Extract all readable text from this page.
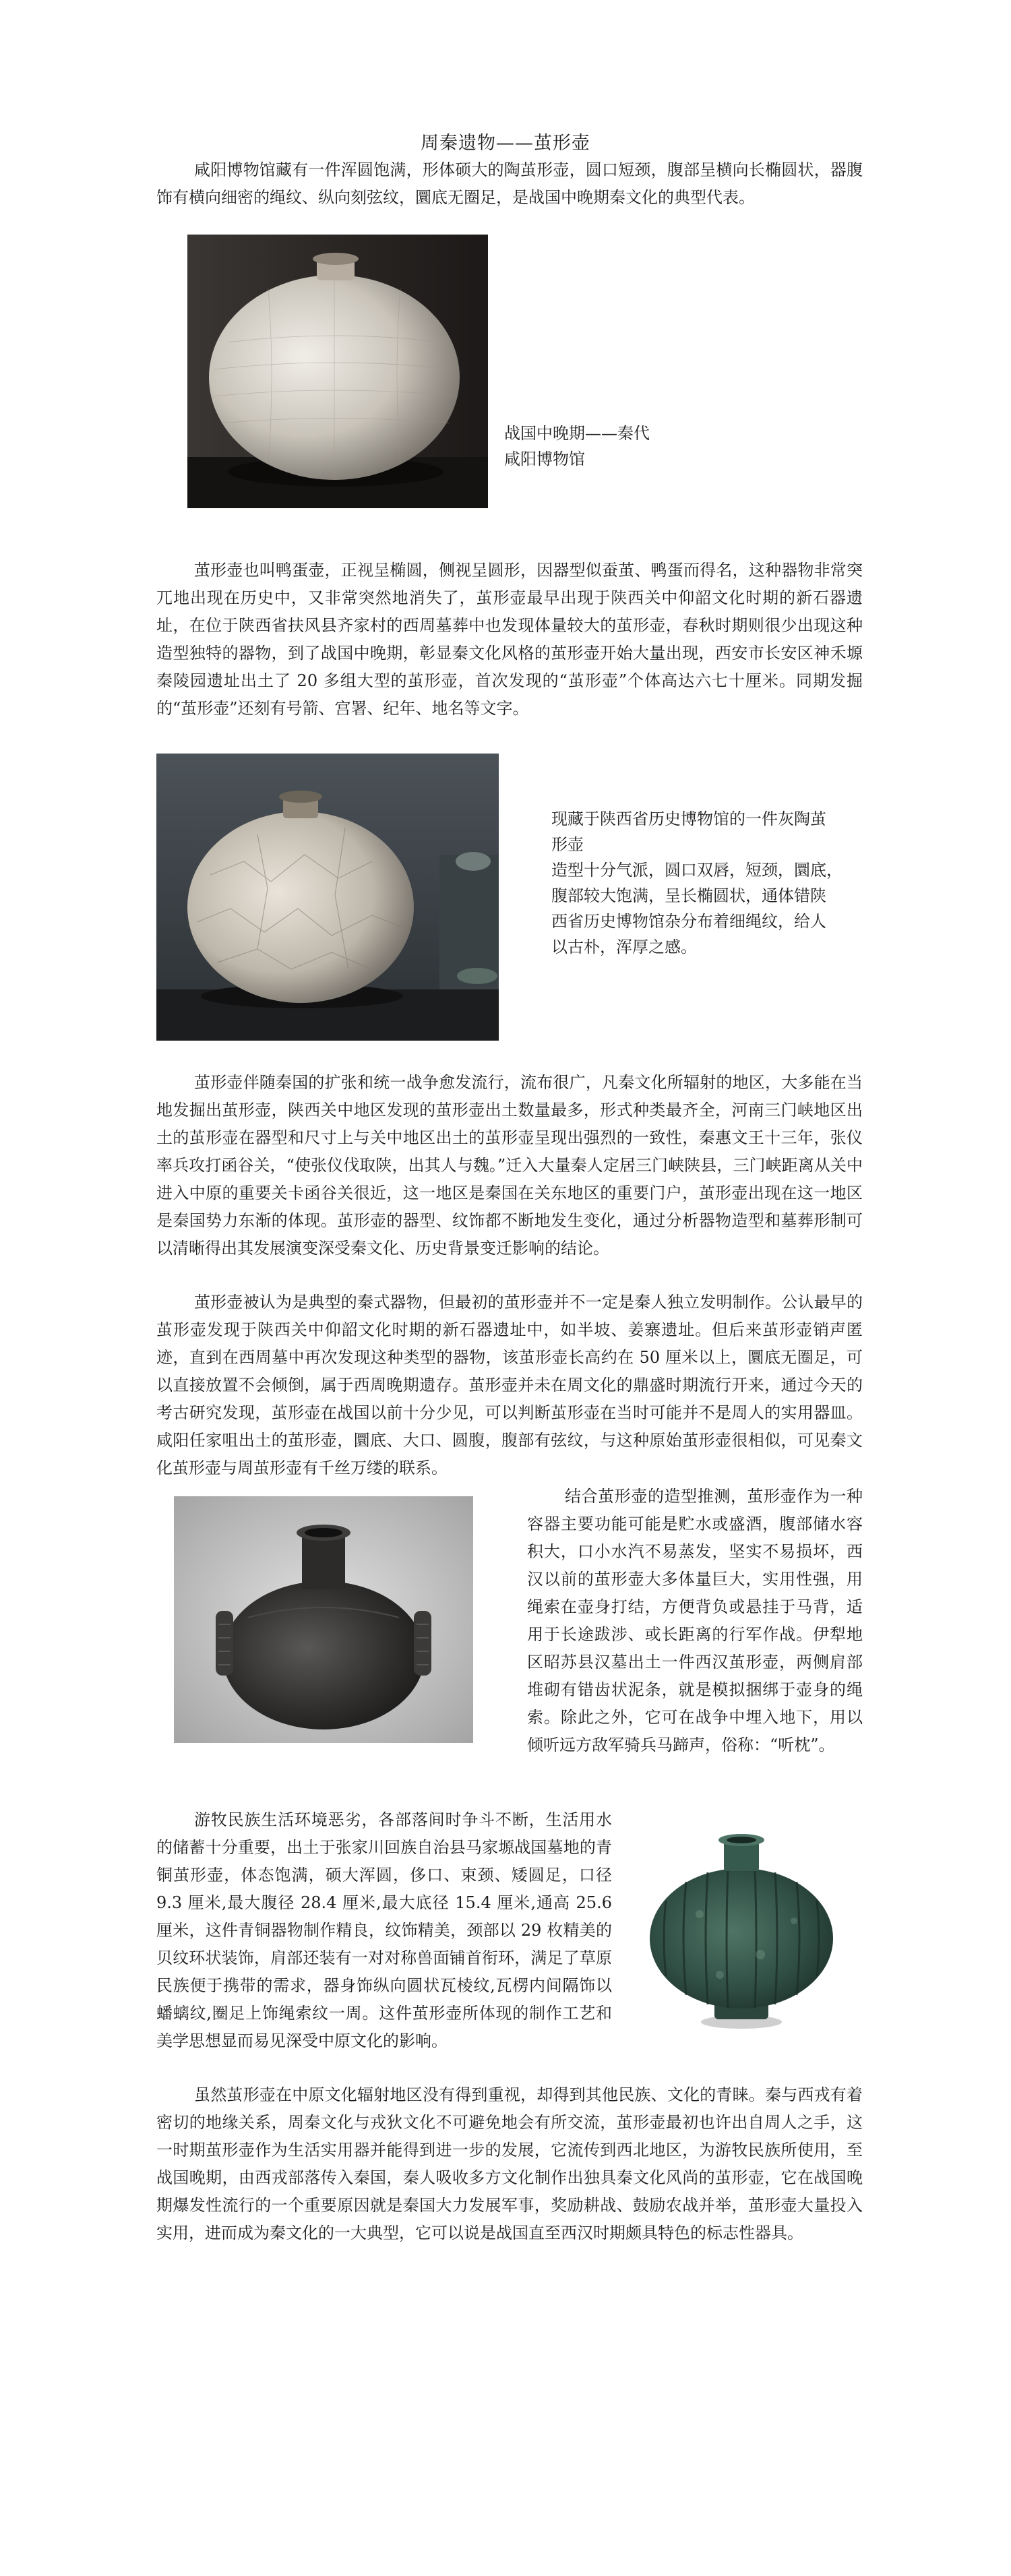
周秦遗物——茧形壶

咸阳博物馆藏有一件浑圆饱满，形体硕大的陶茧形壶，圆口短颈，腹部呈横向长椭圆状，器腹饰有横向细密的绳纹、纵向刻弦纹，圜底无圈足，是战国中晚期秦文化的典型代表。

战国中晚期——秦代
咸阳博物馆

茧形壶也叫鸭蛋壶，正视呈椭圆，侧视呈圆形，因器型似蚕茧、鸭蛋而得名，这种器物非常突兀地出现在历史中，又非常突然地消失了，茧形壶最早出现于陕西关中仰韶文化时期的新石器遗址，在位于陕西省扶风县齐家村的西周墓葬中也发现体量较大的茧形壶，春秋时期则很少出现这种造型独特的器物，到了战国中晚期，彰显秦文化风格的茧形壶开始大量出现，西安市长安区神禾塬秦陵园遗址出土了 20 多组大型的茧形壶，首次发现的“茧形壶”个体高达六七十厘米。同期发掘的“茧形壶”还刻有号箭、宫署、纪年、地名等文字。

现藏于陕西省历史博物馆的一件灰陶茧
形壶
造型十分气派，圆口双唇，短颈，圜底，
腹部较大饱满，呈长椭圆状，通体错陕
西省历史博物馆杂分布着细绳纹，给人
以古朴，浑厚之感。

茧形壶伴随秦国的扩张和统一战争愈发流行，流布很广，凡秦文化所辐射的地区，大多能在当地发掘出茧形壶，陕西关中地区发现的茧形壶出土数量最多，形式种类最齐全，河南三门峡地区出土的茧形壶在器型和尺寸上与关中地区出土的茧形壶呈现出强烈的一致性，秦惠文王十三年，张仪率兵攻打函谷关，“使张仪伐取陕，出其人与魏。”迁入大量秦人定居三门峡陕县，三门峡距离从关中进入中原的重要关卡函谷关很近，这一地区是秦国在关东地区的重要门户，茧形壶出现在这一地区是秦国势力东渐的体现。茧形壶的器型、纹饰都不断地发生变化，通过分析器物造型和墓葬形制可以清晰得出其发展演变深受秦文化、历史背景变迁影响的结论。

茧形壶被认为是典型的秦式器物，但最初的茧形壶并不一定是秦人独立发明制作。公认最早的茧形壶发现于陕西关中仰韶文化时期的新石器遗址中，如半坡、姜寨遗址。但后来茧形壶销声匿迹，直到在西周墓中再次发现这种类型的器物，该茧形壶长高约在 50 厘米以上，圜底无圈足，可以直接放置不会倾倒，属于西周晚期遗存。茧形壶并未在周文化的鼎盛时期流行开来，通过今天的考古研究发现，茧形壶在战国以前十分少见，可以判断茧形壶在当时可能并不是周人的实用器皿。咸阳任家咀出土的茧形壶，圜底、大口、圆腹，腹部有弦纹，与这种原始茧形壶很相似，可见秦文化茧形壶与周茧形壶有千丝万缕的联系。

结合茧形壶的造型推测，茧形壶作为一种容器主要功能可能是贮水或盛酒，腹部储水容积大，口小水汽不易蒸发，坚实不易损坏，西汉以前的茧形壶大多体量巨大，实用性强，用绳索在壶身打结，方便背负或悬挂于马背，适用于长途跋涉、或长距离的行军作战。伊犁地区昭苏县汉墓出土一件西汉茧形壶，两侧肩部堆砌有错齿状泥条，就是模拟捆绑于壶身的绳索。除此之外，它可在战争中埋入地下，用以倾听远方敌军骑兵马蹄声，俗称：“听枕”。

游牧民族生活环境恶劣，各部落间时争斗不断，生活用水的储蓄十分重要，出土于张家川回族自治县马家塬战国墓地的青铜茧形壶，体态饱满，硕大浑圆，侈口、束颈、矮圆足，口径 9.3 厘米,最大腹径 28.4 厘米,最大底径 15.4 厘米,通高 25.6 厘米，这件青铜器物制作精良，纹饰精美，颈部以 29 枚精美的贝纹环状装饰，肩部还装有一对对称兽面铺首衔环，满足了草原民族便于携带的需求，器身饰纵向圆状瓦棱纹,瓦楞内间隔饰以蟠螭纹,圈足上饰绳索纹一周。这件茧形壶所体现的制作工艺和美学思想显而易见深受中原文化的影响。

虽然茧形壶在中原文化辐射地区没有得到重视，却得到其他民族、文化的青睐。秦与西戎有着密切的地缘关系，周秦文化与戎狄文化不可避免地会有所交流，茧形壶最初也许出自周人之手，这一时期茧形壶作为生活实用器并能得到进一步的发展，它流传到西北地区，为游牧民族所使用，至战国晚期，由西戎部落传入秦国，秦人吸收多方文化制作出独具秦文化风尚的茧形壶，它在战国晚期爆发性流行的一个重要原因就是秦国大力发展军事，奖励耕战、鼓励农战并举，茧形壶大量投入实用，进而成为秦文化的一大典型，它可以说是战国直至西汉时期颇具特色的标志性器具。
